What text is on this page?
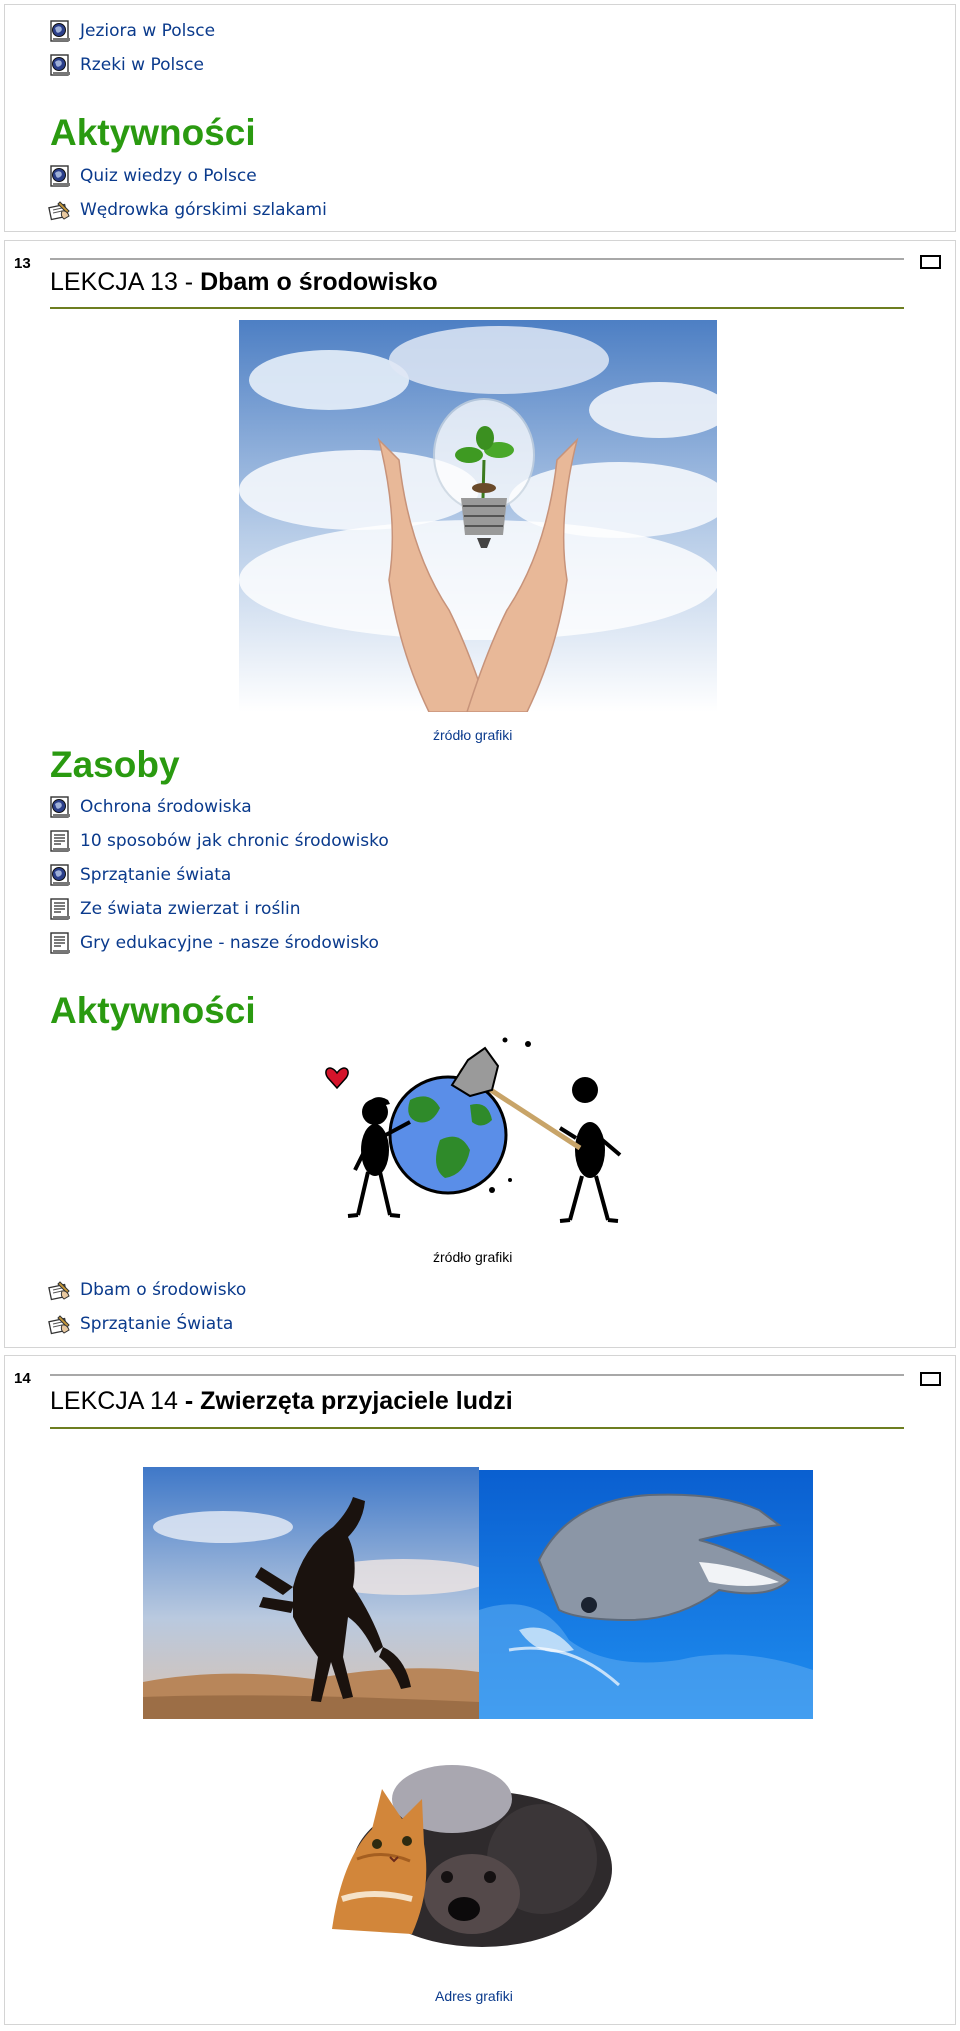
Jeziora w Polsce
Rzeki w Polsce
Aktywności
Quiz wiedzy o Polsce
Wędrowka górskimi szlakami
13
LEKCJA 13 - Dbam o środowisko
źródło grafiki
Zasoby
Ochrona środowiska
10 sposobów jak chronic środowisko
Sprzątanie świata
Ze świata zwierzat i roślin
Gry edukacyjne - nasze środowisko
Aktywności
źródło grafiki
Dbam o środowisko
Sprzątanie Świata
14
LEKCJA 14 - Zwierzęta przyjaciele ludzi
Adres grafiki
